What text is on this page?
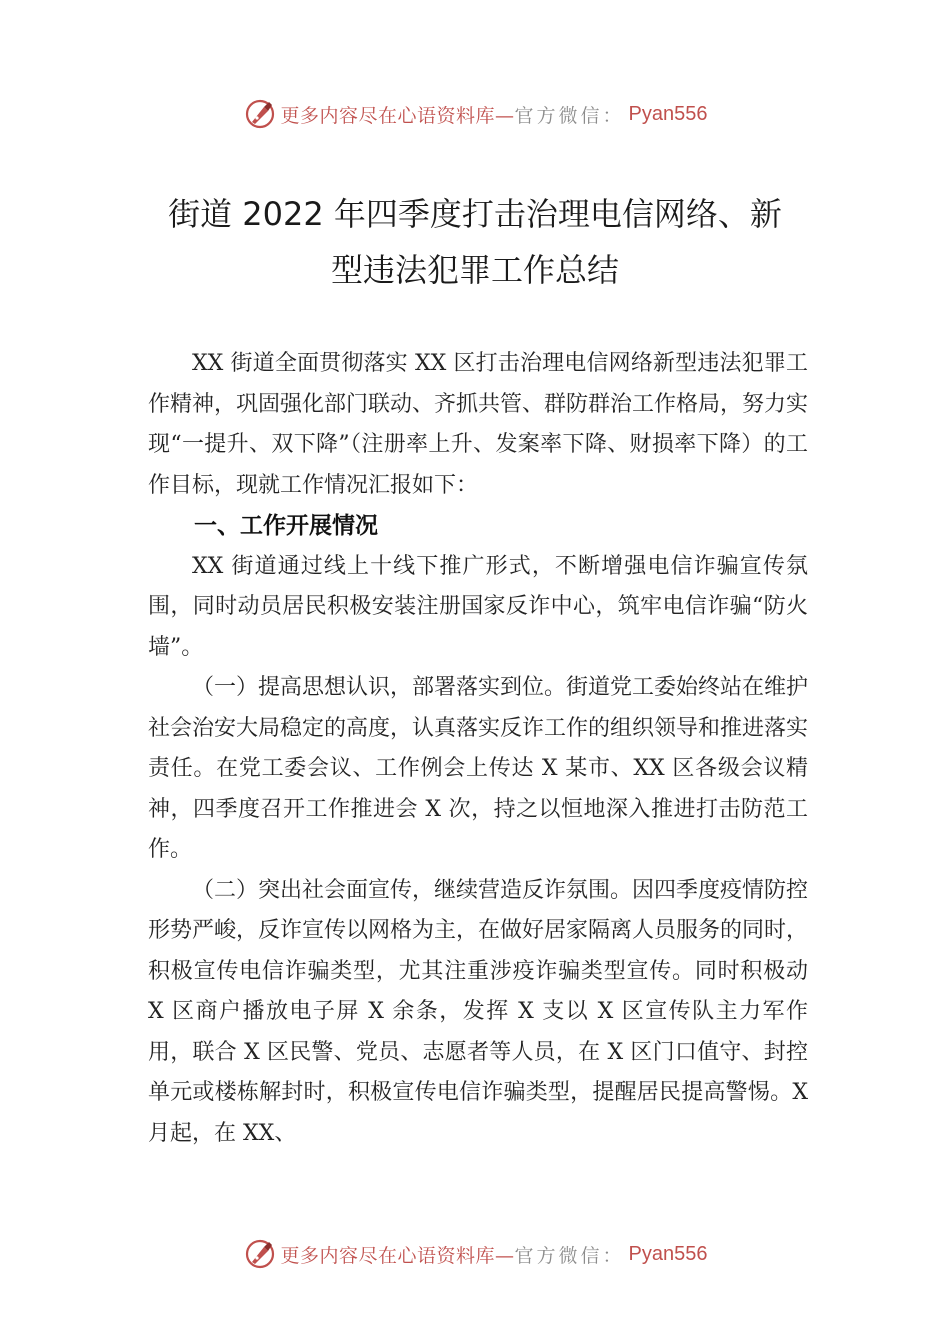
更多内容尽在心语资料库— 官方微信： Pyan556
街道 2022 年四季度打击治理电信网络、新
型违法犯罪工作总结

XX 街道全面贯彻落实 XX 区打击治理电信网络新型违法犯罪工作精神，巩固强化部门联动、齐抓共管、群防群治工作格局，努力实现“一提升、双下降”（注册率上升、发案率下降、财损率下降）的工作目标，现就工作情况汇报如下：

一、工作开展情况

XX 街道通过线上十线下推广形式，不断增强电信诈骗宣传氛围，同时动员居民积极安装注册国家反诈中心，筑牢电信诈骗“防火墙”。

（一）提高思想认识，部署落实到位。街道党工委始终站在维护社会治安大局稳定的高度，认真落实反诈工作的组织领导和推进落实责任。在党工委会议、工作例会上传达 X 某市、XX 区各级会议精神，四季度召开工作推进会 X 次，持之以恒地深入推进打击防范工作。

（二）突出社会面宣传，继续营造反诈氛围。因四季度疫情防控形势严峻，反诈宣传以网格为主，在做好居家隔离人员服务的同时，积极宣传电信诈骗类型，尤其注重涉疫诈骗类型宣传。同时积极动 X 区商户播放电子屏 X 余条，发挥 X 支以 X 区宣传队主力军作用，联合 X 区民警、党员、志愿者等人员，在 X 区门口值守、封控单元或楼栋解封时，积极宣传电信诈骗类型，提醒居民提高警惕。X 月起，在 XX、

更多内容尽在心语资料库— 官方微信： Pyan556
